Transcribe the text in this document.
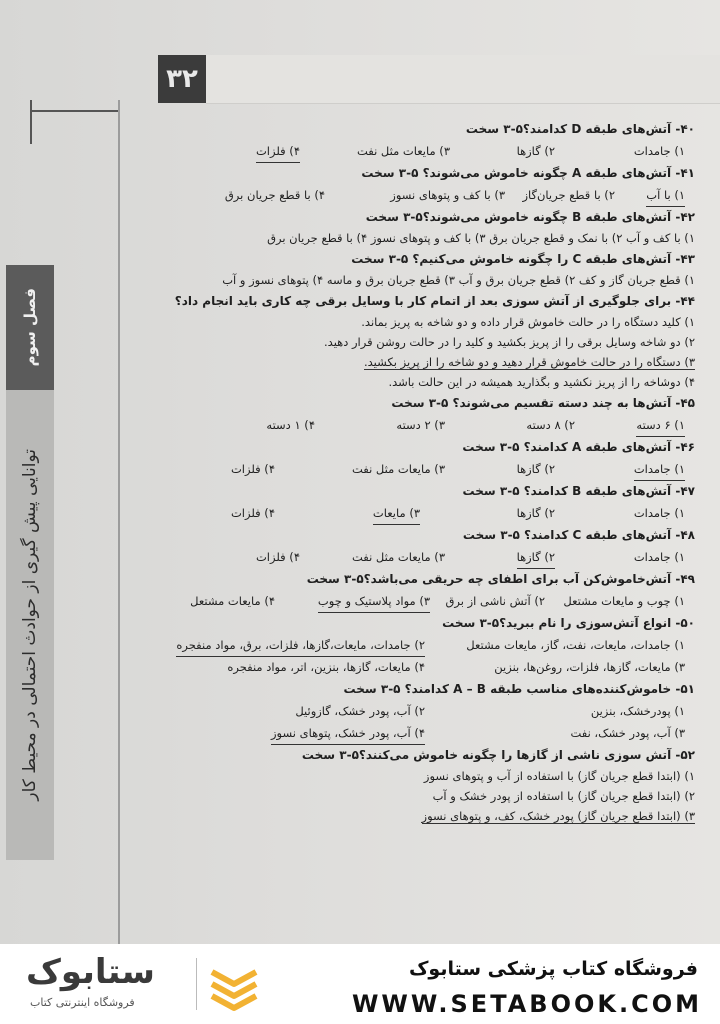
۳۲
فصل سوم
توانایی پیش گیری از حوادث احتمالی در محیط کار
۴۰- آتش‌های طبقه D کدامند؟۵-۳ سخت
۱) جامدات
۲) گازها
۳) مایعات مثل نفت
۴) فلزات
۴۱- آتش‌های طبقه A چگونه خاموش می‌شوند؟ ۵-۳ سخت
۱) با آب
۲) با قطع جریان‌گاز
۳) با کف و پتوهای نسوز
۴) با قطع جریان برق
۴۲- آتش‌های طبقه B چگونه خاموش می‌شوند؟۵-۳ سخت
۱) با کف و آب ۲) با نمک و قطع جریان برق ۳) با کف و پتوهای نسوز ۴) با قطع جریان برق
۴۳- آتش‌های طبقه C را چگونه خاموش می‌کنیم؟ ۵-۳ سخت
۱) قطع جریان گاز و کف ۲) قطع جریان برق و آب ۳) قطع جریان برق و ماسه ۴) پتوهای نسوز و آب
۴۴- برای جلوگیری از آتش سوزی بعد از اتمام کار با وسایل برقی چه کاری باید انجام داد؟
۱) کلید دستگاه را در حالت خاموش قرار داده و دو شاخه به پریز بماند.
۲) دو شاخه وسایل برقی را از پریز بکشید و کلید را در حالت روشن قرار دهید.
۳) دستگاه را در حالت خاموش قرار دهید و دو شاخه را از پریز بکشید.
۴) دوشاخه را از پریز نکشید و بگذارید همیشه در این حالت باشد.
۴۵- آتش‌ها به چند دسته تقسیم می‌شوند؟ ۵-۳ سخت
۱) ۶ دسته
۲) ۸ دسته
۳) ۲ دسته
۴) ۱ دسته
۴۶- آتش‌های طبقه A کدامند؟ ۵-۳ سخت
۱) جامدات
۲) گازها
۳) مایعات مثل نفت
۴) فلزات
۴۷- آتش‌های طبقه B کدامند؟ ۵-۳ سخت
۱) جامدات
۲) گازها
۳) مایعات
۴) فلزات
۴۸- آتش‌های طبقه C کدامند؟ ۵-۳ سخت
۱) جامدات
۲) گازها
۳) مایعات مثل نفت
۴) فلزات
۴۹- آتش‌خاموش‌کن آب برای اطفای چه حریقی می‌باشد؟۵-۳ سخت
۱) چوب و مایعات مشتعل
۲) آتش ناشی از برق
۳) مواد پلاستیک و چوب
۴) مایعات مشتعل
۵۰- انواع آتش‌سوزی را نام ببرید؟۵-۳ سخت
۱) جامدات، مایعات، نفت، گاز، مایعات مشتعل
۲) جامدات، مایعات،گازها، فلزات، برق، مواد منفجره
۳) مایعات، گازها، فلزات، روغن‌ها، بنزین
۴) مایعات، گازها، بنزین، اتر، مواد منفجره
۵۱- خاموش‌کننده‌های مناسب طبقه A – B کدامند؟ ۵-۳ سخت
۱) پودرخشک، بنزین
۲) آب، پودر خشک، گازوئیل
۳) آب، پودر خشک، نفت
۴) آب، پودر خشک، پتوهای نسوز
۵۲- آتش سوزی ناشی از گازها را چگونه خاموش می‌کنند؟۵-۳ سخت
۱) (ابتدا قطع جریان گاز) با استفاده از آب و پتوهای نسوز
۲) (ابتدا قطع جریان گاز) با استفاده از پودر خشک و آب
۳) (ابتدا قطع جریان گاز) پودر خشک، کف، و پتوهای نسوز
ستابوک
فروشگاه اینترنتی کتاب
فروشگاه کتاب پزشکی ستابوک
WWW.SETABOOK.COM
